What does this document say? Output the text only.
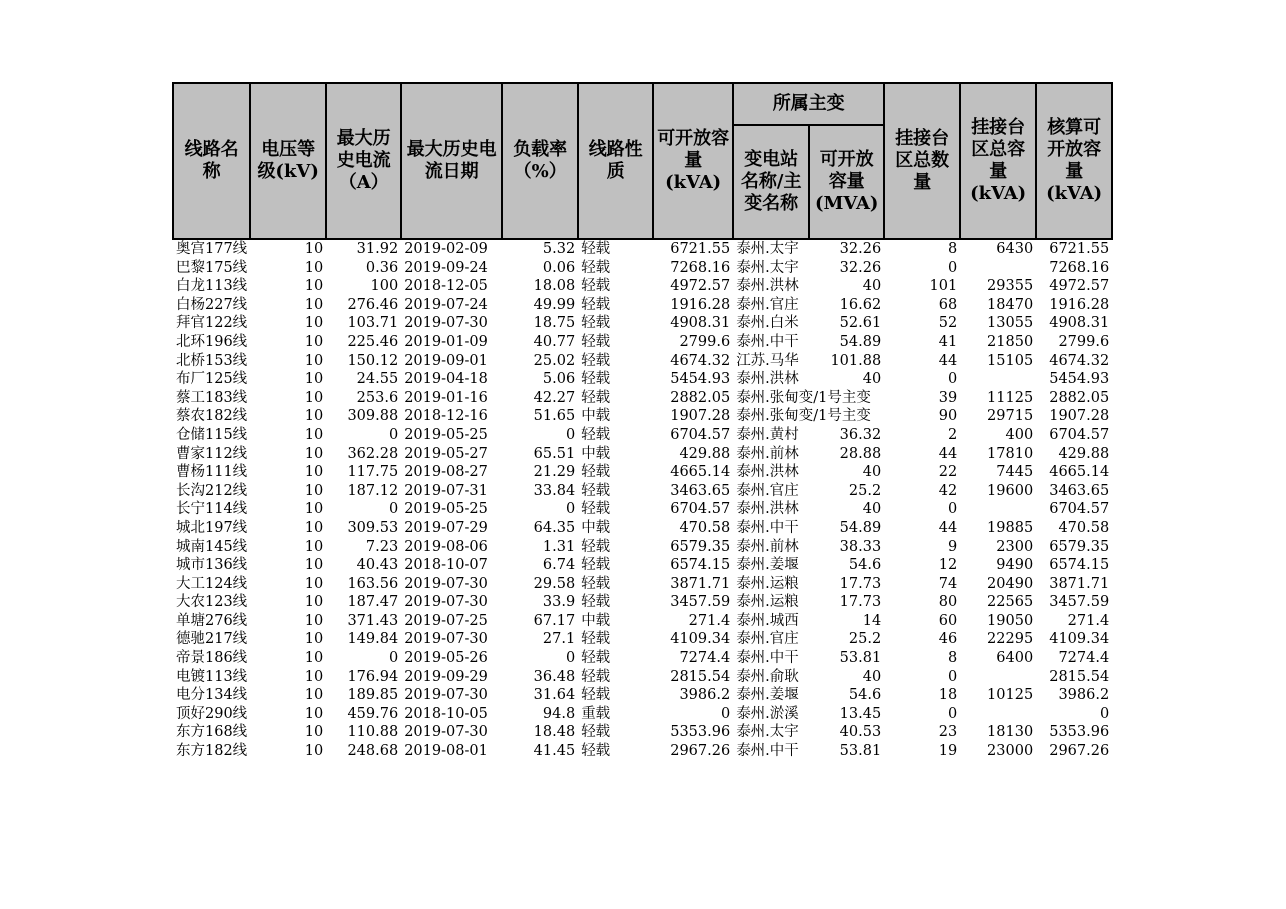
线路名称	电压等级(kV)	最大历史电流（A）	最大历史电流日期	负载率（%）	线路性质	可开放容量(kVA)	所属主变		挂接台区总数量	挂接台区总容量(kVA)	核算可开放容量(kVA)
							变电站名称/主变名称	可开放容量(MVA)			
奥宫177线	10	31.92	2019-02-09	5.32	轻载	6721.55	泰州.太宇	32.26	8	6430	6721.55
巴黎175线	10	0.36	2019-09-24	0.06	轻载	7268.16	泰州.太宇	32.26	0		7268.16
白龙113线	10	100	2018-12-05	18.08	轻载	4972.57	泰州.洪林	40	101	29355	4972.57
白杨227线	10	276.46	2019-07-24	49.99	轻载	1916.28	泰州.官庄	16.62	68	18470	1916.28
拜官122线	10	103.71	2019-07-30	18.75	轻载	4908.31	泰州.白米	52.61	52	13055	4908.31
北环196线	10	225.46	2019-01-09	40.77	轻载	2799.6	泰州.中干	54.89	41	21850	2799.6
北桥153线	10	150.12	2019-09-01	25.02	轻载	4674.32	江苏.马华	101.88	44	15105	4674.32
布厂125线	10	24.55	2019-04-18	5.06	轻载	5454.93	泰州.洪林	40	0		5454.93
蔡工183线	10	253.6	2019-01-16	42.27	轻载	2882.05	泰州.张甸变/1号主变		39	11125	2882.05
蔡农182线	10	309.88	2018-12-16	51.65	中载	1907.28	泰州.张甸变/1号主变		90	29715	1907.28
仓储115线	10	0	2019-05-25	0	轻载	6704.57	泰州.黄村	36.32	2	400	6704.57
曹家112线	10	362.28	2019-05-27	65.51	中载	429.88	泰州.前林	28.88	44	17810	429.88
曹杨111线	10	117.75	2019-08-27	21.29	轻载	4665.14	泰州.洪林	40	22	7445	4665.14
长沟212线	10	187.12	2019-07-31	33.84	轻载	3463.65	泰州.官庄	25.2	42	19600	3463.65
长宁114线	10	0	2019-05-25	0	轻载	6704.57	泰州.洪林	40	0		6704.57
城北197线	10	309.53	2019-07-29	64.35	中载	470.58	泰州.中干	54.89	44	19885	470.58
城南145线	10	7.23	2019-08-06	1.31	轻载	6579.35	泰州.前林	38.33	9	2300	6579.35
城市136线	10	40.43	2018-10-07	6.74	轻载	6574.15	泰州.姜堰	54.6	12	9490	6574.15
大工124线	10	163.56	2019-07-30	29.58	轻载	3871.71	泰州.运粮	17.73	74	20490	3871.71
大农123线	10	187.47	2019-07-30	33.9	轻载	3457.59	泰州.运粮	17.73	80	22565	3457.59
单塘276线	10	371.43	2019-07-25	67.17	中载	271.4	泰州.城西	14	60	19050	271.4
德驰217线	10	149.84	2019-07-30	27.1	轻载	4109.34	泰州.官庄	25.2	46	22295	4109.34
帝景186线	10	0	2019-05-26	0	轻载	7274.4	泰州.中干	53.81	8	6400	7274.4
电镀113线	10	176.94	2019-09-29	36.48	轻载	2815.54	泰州.俞耿	40	0		2815.54
电分134线	10	189.85	2019-07-30	31.64	轻载	3986.2	泰州.姜堰	54.6	18	10125	3986.2
顶好290线	10	459.76	2018-10-05	94.8	重载	0	泰州.淤溪	13.45	0		0
东方168线	10	110.88	2019-07-30	18.48	轻载	5353.96	泰州.太宇	40.53	23	18130	5353.96
东方182线	10	248.68	2019-08-01	41.45	轻载	2967.26	泰州.中干	53.81	19	23000	2967.26
